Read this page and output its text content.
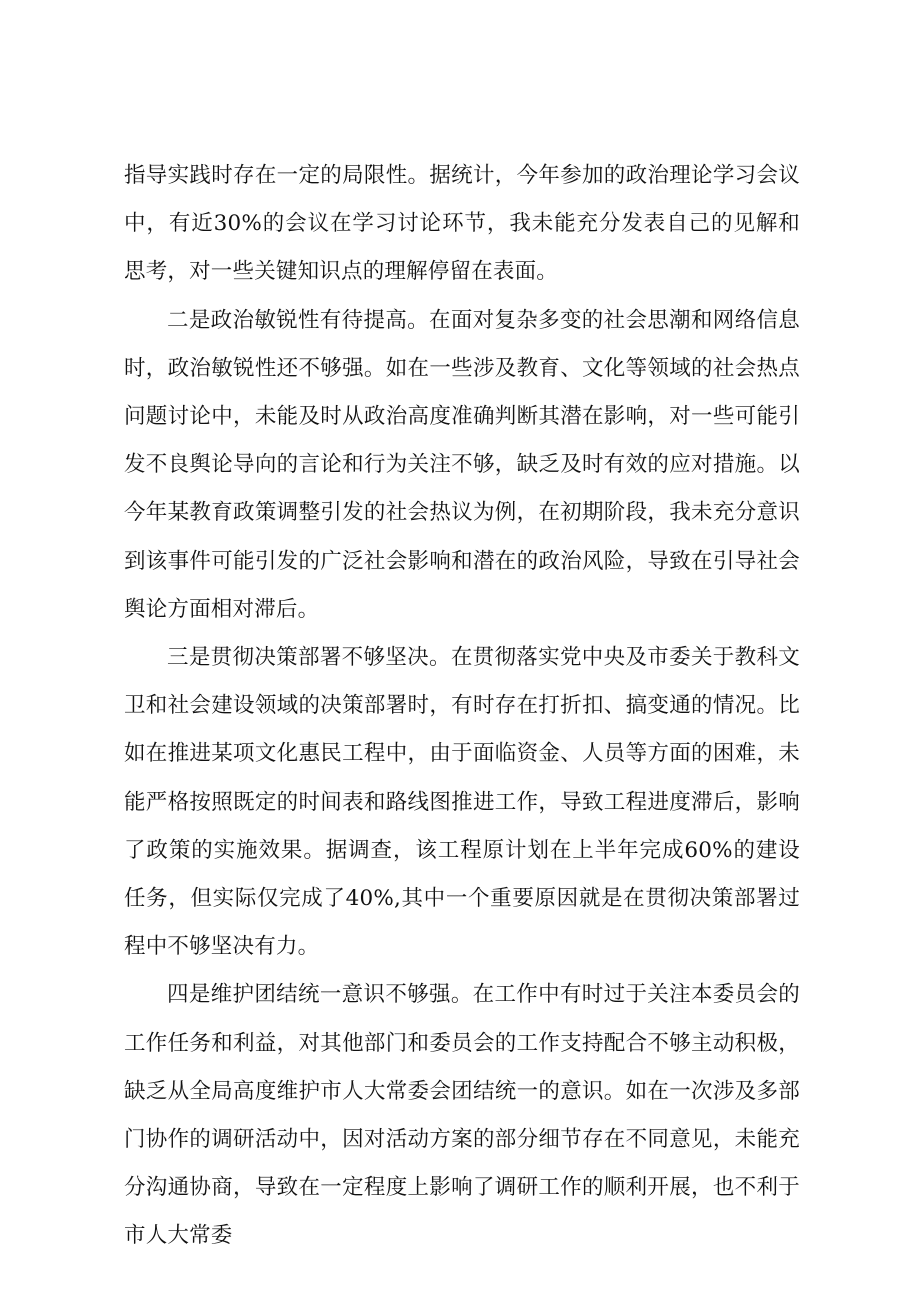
指导实践时存在一定的局限性。据统计，今年参加的政治理论学习会议中，有近30%的会议在学习讨论环节，我未能充分发表自己的见解和思考，对一些关键知识点的理解停留在表面。

二是政治敏锐性有待提高。在面对复杂多变的社会思潮和网络信息时，政治敏锐性还不够强。如在一些涉及教育、文化等领域的社会热点问题讨论中，未能及时从政治高度准确判断其潜在影响，对一些可能引发不良舆论导向的言论和行为关注不够，缺乏及时有效的应对措施。以今年某教育政策调整引发的社会热议为例，在初期阶段，我未充分意识到该事件可能引发的广泛社会影响和潜在的政治风险，导致在引导社会舆论方面相对滞后。

三是贯彻决策部署不够坚决。在贯彻落实党中央及市委关于教科文卫和社会建设领域的决策部署时，有时存在打折扣、搞变通的情况。比如在推进某项文化惠民工程中，由于面临资金、人员等方面的困难，未能严格按照既定的时间表和路线图推进工作，导致工程进度滞后，影响了政策的实施效果。据调查，该工程原计划在上半年完成60%的建设任务，但实际仅完成了40%,其中一个重要原因就是在贯彻决策部署过程中不够坚决有力。

四是维护团结统一意识不够强。在工作中有时过于关注本委员会的工作任务和利益，对其他部门和委员会的工作支持配合不够主动积极，缺乏从全局高度维护市人大常委会团结统一的意识。如在一次涉及多部门协作的调研活动中，因对活动方案的部分细节存在不同意见，未能充分沟通协商，导致在一定程度上影响了调研工作的顺利开展，也不利于市人大常委
